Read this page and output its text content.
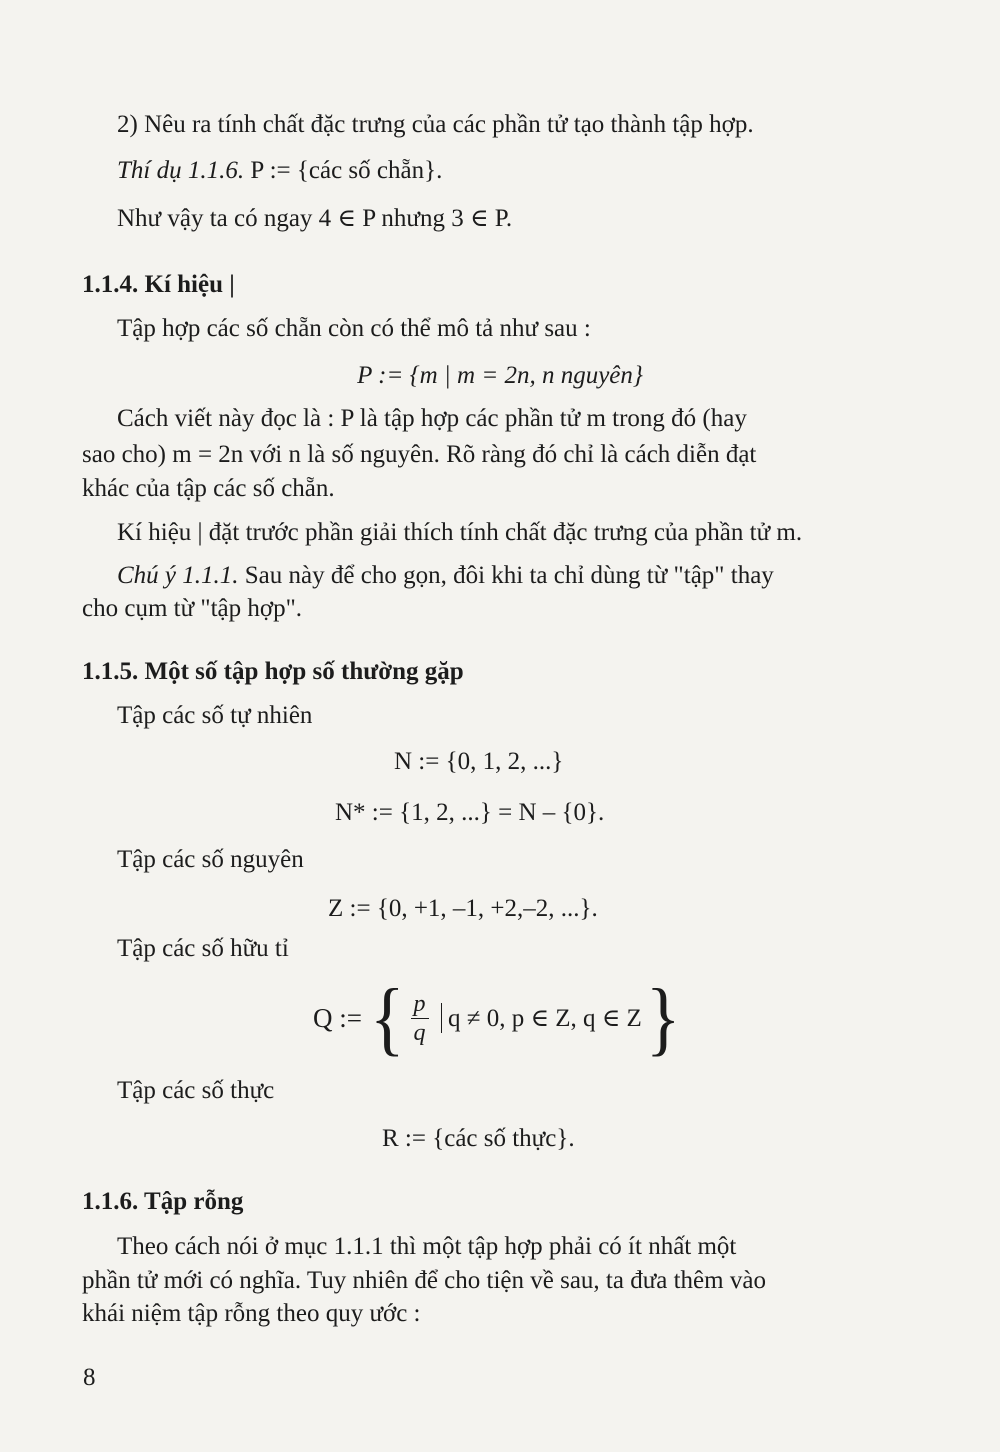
2) Nêu ra tính chất đặc trưng của các phần tử tạo thành tập hợp.
Thí dụ 1.1.6. P := {các số chẵn}.
Như vậy ta có ngay 4 ∈ P nhưng 3 ∈ P.
1.1.4. Kí hiệu |
Tập hợp các số chẵn còn có thể mô tả như sau :
P := {m | m = 2n, n nguyên}
Cách viết này đọc là : P là tập hợp các phần tử m trong đó (hay
sao cho) m = 2n với n là số nguyên. Rõ ràng đó chỉ là cách diễn đạt
khác của tập các số chẵn.
Kí hiệu | đặt trước phần giải thích tính chất đặc trưng của phần tử m.
Chú ý 1.1.1. Sau này để cho gọn, đôi khi ta chỉ dùng từ "tập" thay
cho cụm từ "tập hợp".
1.1.5. Một số tập hợp số thường gặp
Tập các số tự nhiên
N := {0, 1, 2, ...}
N* := {1, 2, ...} = N – {0}.
Tập các số nguyên
Z := {0, +1, –1, +2,–2, ...}.
Tập các số hữu tỉ
Q := { $\frac{p}{q}$ q ≠ 0, p ∈ Z, q ∈ Z }
Tập các số thực
R := {các số thực}.
1.1.6. Tập rỗng
Theo cách nói ở mục 1.1.1 thì một tập hợp phải có ít nhất một
phần tử mới có nghĩa. Tuy nhiên để cho tiện về sau, ta đưa thêm vào
khái niệm tập rỗng theo quy ước :
8
